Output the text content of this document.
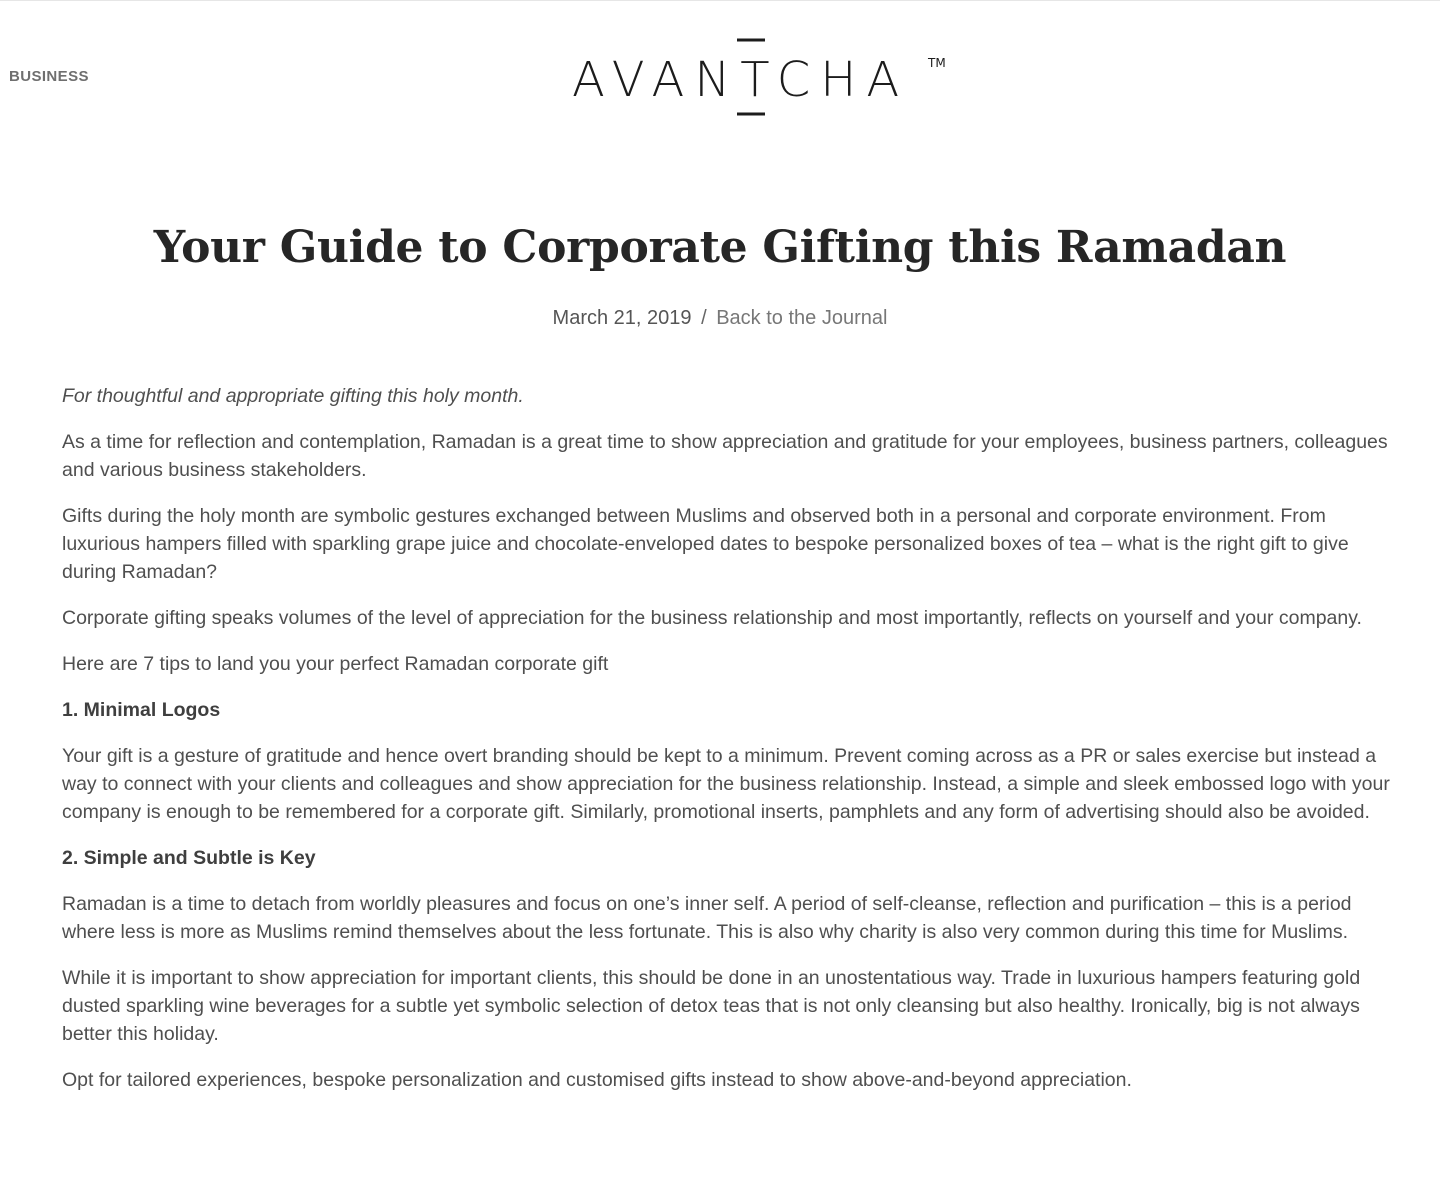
BUSINESS	AVANTCHA	TM
Your Guide to Corporate Gifting this Ramadan
March 21, 2019 / Back to the Journal

For thoughtful and appropriate gifting this holy month.

As a time for reflection and contemplation, Ramadan is a great time to show appreciation and gratitude for your employees, business partners, colleagues and various business stakeholders.

Gifts during the holy month are symbolic gestures exchanged between Muslims and observed both in a personal and corporate environment. From luxurious hampers filled with sparkling grape juice and chocolate-enveloped dates to bespoke personalized boxes of tea – what is the right gift to give during Ramadan?

Corporate gifting speaks volumes of the level of appreciation for the business relationship and most importantly, reflects on yourself and your company.

Here are 7 tips to land you your perfect Ramadan corporate gift

1. Minimal Logos

Your gift is a gesture of gratitude and hence overt branding should be kept to a minimum. Prevent coming across as a PR or sales exercise but instead a way to connect with your clients and colleagues and show appreciation for the business relationship. Instead, a simple and sleek embossed logo with your company is enough to be remembered for a corporate gift. Similarly, promotional inserts, pamphlets and any form of advertising should also be avoided.

2. Simple and Subtle is Key

Ramadan is a time to detach from worldly pleasures and focus on one’s inner self. A period of self-cleanse, reflection and purification – this is a period where less is more as Muslims remind themselves about the less fortunate. This is also why charity is also very common during this time for Muslims.

While it is important to show appreciation for important clients, this should be done in an unostentatious way. Trade in luxurious hampers featuring gold dusted sparkling wine beverages for a subtle yet symbolic selection of detox teas that is not only cleansing but also healthy. Ironically, big is not always better this holiday.

Opt for tailored experiences, bespoke personalization and customised gifts instead to show above-and-beyond appreciation.
